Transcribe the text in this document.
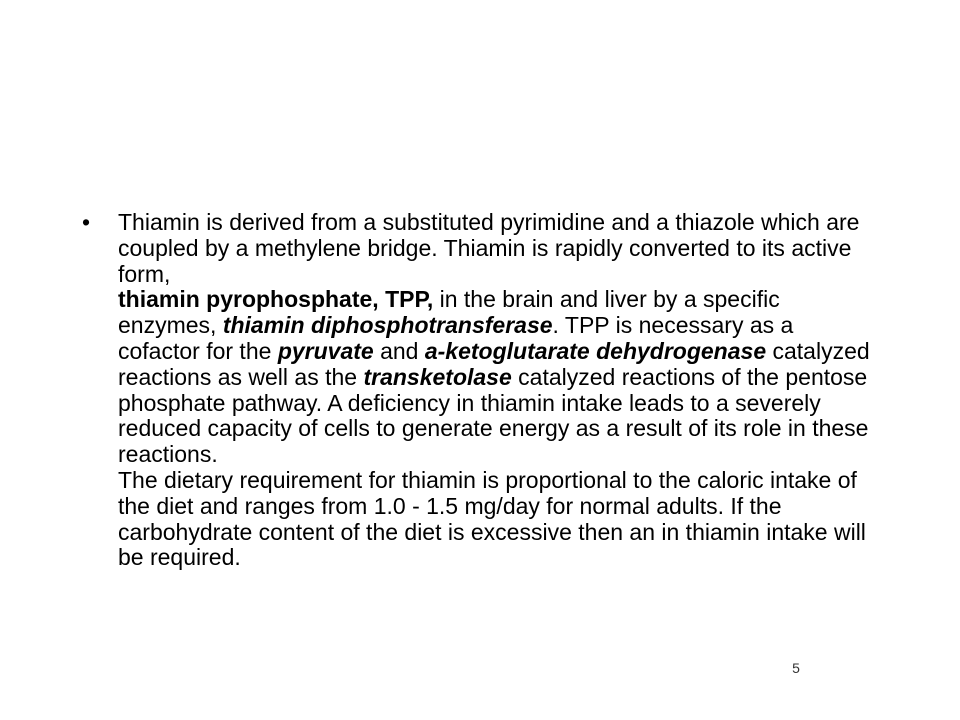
• Thiamin is derived from a substituted pyrimidine and a thiazole which are coupled by a methylene bridge. Thiamin is rapidly converted to its active form,
thiamin pyrophosphate, TPP, in the brain and liver by a specific enzymes, thiamin diphosphotransferase. TPP is necessary as a cofactor for the pyruvate and a-ketoglutarate dehydrogenase catalyzed reactions as well as the transketolase catalyzed reactions of the pentose phosphate pathway. A deficiency in thiamin intake leads to a severely reduced capacity of cells to generate energy as a result of its role in these reactions.
The dietary requirement for thiamin is proportional to the caloric intake of the diet and ranges from 1.0 - 1.5 mg/day for normal adults. If the carbohydrate content of the diet is excessive then an in thiamin intake will be required.
5
